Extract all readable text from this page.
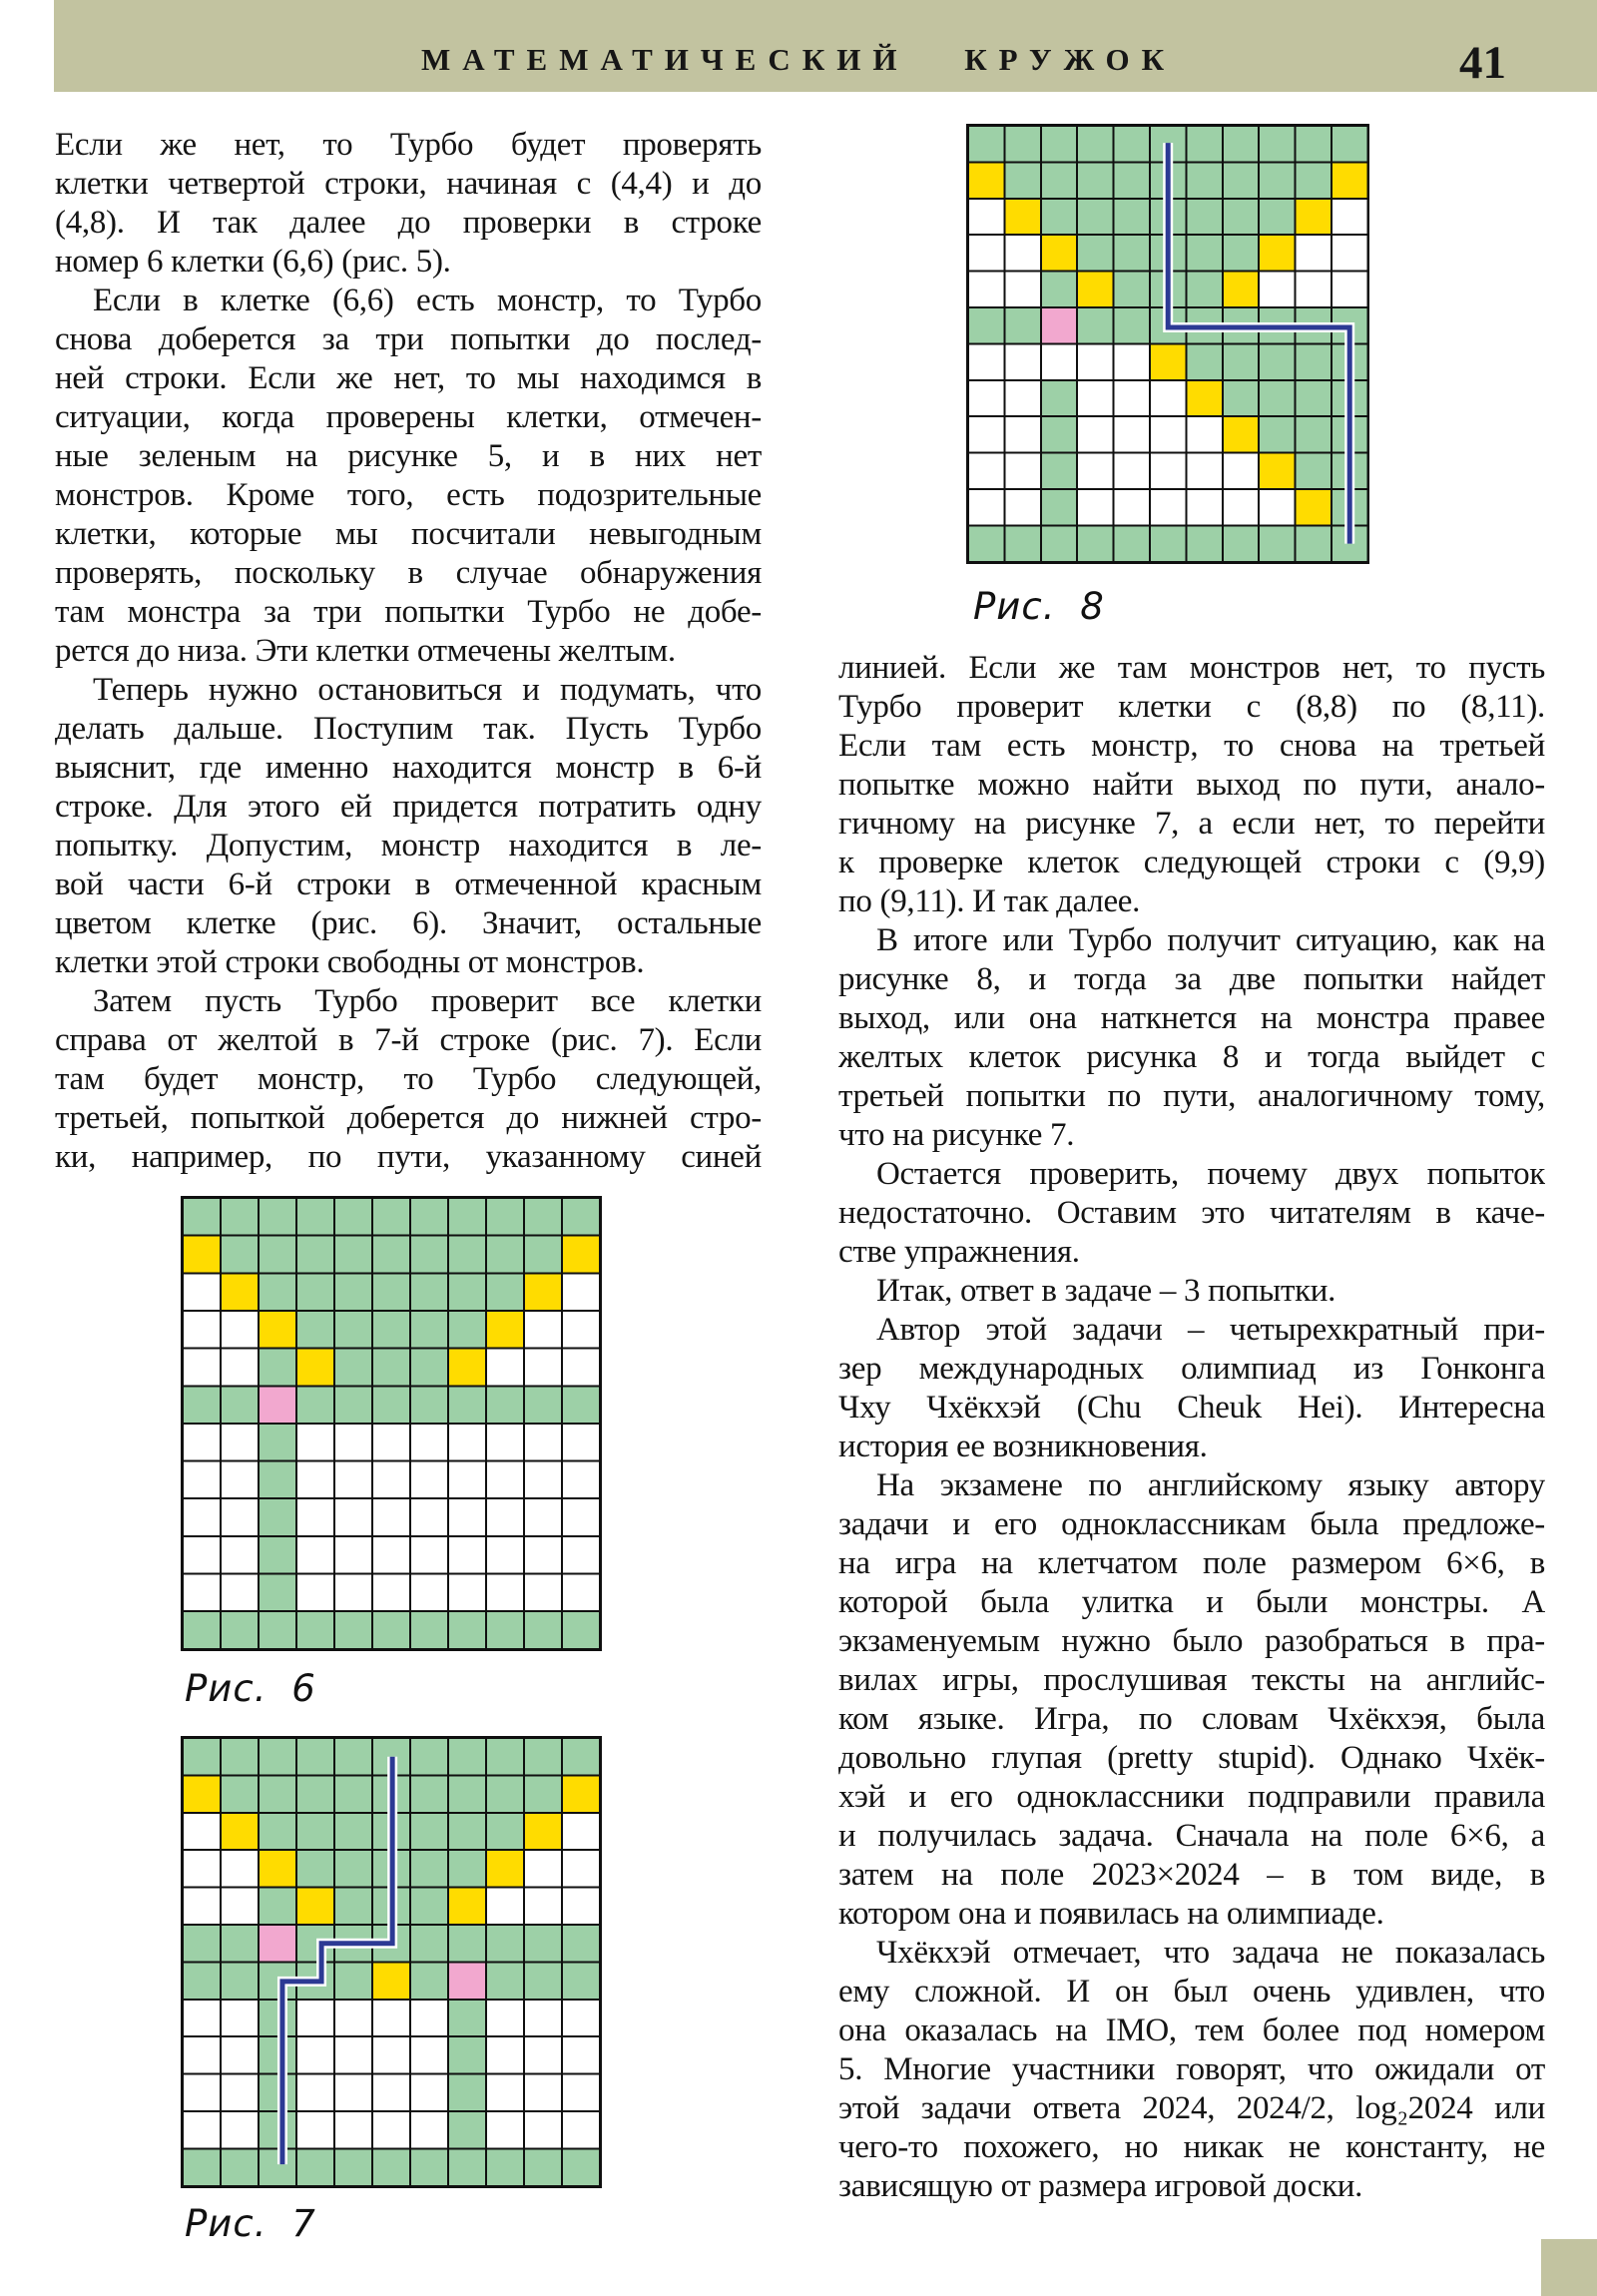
МАТЕМАТИЧЕСКИЙ КРУЖОК	41
Если же нет, то Турбо будет проверять
клетки четвертой строки, начиная с (4,4) и до
(4,8). И так далее до проверки в строке
номер 6 клетки (6,6) (рис. 5).
Если в клетке (6,6) есть монстр, то Турбо
снова доберется за три попытки до послед-
ней строки. Если же нет, то мы находимся в
ситуации, когда проверены клетки, отмечен-
ные зеленым на рисунке 5, и в них нет
монстров. Кроме того, есть подозрительные
клетки, которые мы посчитали невыгодным
проверять, поскольку в случае обнаружения
там монстра за три попытки Турбо не добе-
рется до низа. Эти клетки отмечены желтым.
Теперь нужно остановиться и подумать, что
делать дальше. Поступим так. Пусть Турбо
выяснит, где именно находится монстр в 6-й
строке. Для этого ей придется потратить одну
попытку. Допустим, монстр находится в ле-
вой части 6-й строки в отмеченной красным
цветом клетке (рис. 6). Значит, остальные
клетки этой строки свободны от монстров.
Затем пусть Турбо проверит все клетки
справа от желтой в 7-й строке (рис. 7). Если
там будет монстр, то Турбо следующей,
третьей, попыткой доберется до нижней стро-
ки, например, по пути, указанному синей
линией. Если же там монстров нет, то пусть
Турбо проверит клетки с (8,8) по (8,11).
Если там есть монстр, то снова на третьей
попытке можно найти выход по пути, анало-
гичному на рисунке 7, а если нет, то перейти
к проверке клеток следующей строки с (9,9)
по (9,11). И так далее.
В итоге или Турбо получит ситуацию, как на
рисунке 8, и тогда за две попытки найдет
выход, или она наткнется на монстра правее
желтых клеток рисунка 8 и тогда выйдет с
третьей попытки по пути, аналогичному тому,
что на рисунке 7.
Остается проверить, почему двух попыток
недостаточно. Оставим это читателям в каче-
стве упражнения.
Итак, ответ в задаче – 3 попытки.
Автор этой задачи – четырехкратный при-
зер международных олимпиад из Гонконга
Чху Чхёкхэй (Chu Cheuk Hei). Интересна
история ее возникновения.
На экзамене по английскому языку автору
задачи и его одноклассникам была предложе-
на игра на клетчатом поле размером 6×6, в
которой была улитка и были монстры. А
экзаменуемым нужно было разобраться в пра-
вилах игры, прослушивая тексты на английс-
ком языке. Игра, по словам Чхёкхэя, была
довольно глупая (pretty stupid). Однако Чхёк-
хэй и его одноклассники подправили правила
и получилась задача. Сначала на поле 6×6, а
затем на поле 2023×2024 – в том виде, в
котором она и появилась на олимпиаде.
Чхёкхэй отмечает, что задача не показалась
ему сложной. И он был очень удивлен, что
она оказалась на IMO, тем более под номером
5. Многие участники говорят, что ожидали от
этой задачи ответа 2024, 2024/2, log₂2024 или
чего-то похожего, но никак не константу, не
зависящую от размера игровой доски.
Рис. 6
Рис. 7
Рис. 8
